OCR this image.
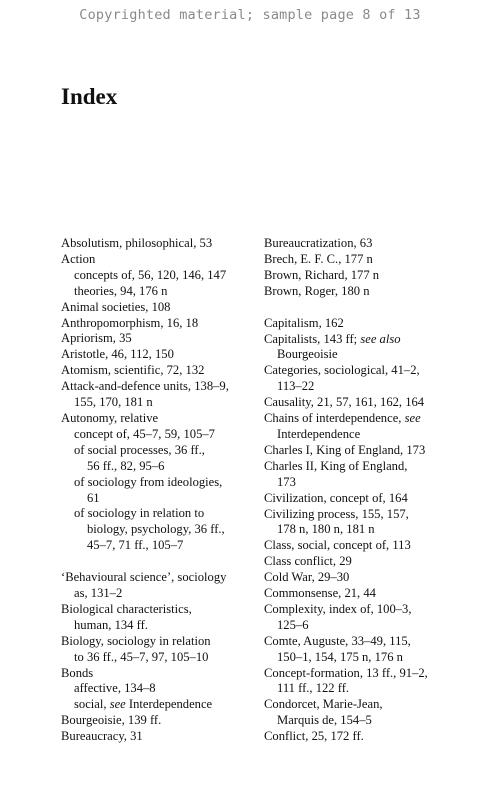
Copyrighted material; sample page 8 of 13
Index
Absolutism, philosophical, 53
Action
concepts of, 56, 120, 146, 147
theories, 94, 176 n
Animal societies, 108
Anthropomorphism, 16, 18
Apriorism, 35
Aristotle, 46, 112, 150
Atomism, scientific, 72, 132
Attack-and-defence units, 138–9,
155, 170, 181 n
Autonomy, relative
concept of, 45–7, 59, 105–7
of social processes, 36 ff.,
56 ff., 82, 95–6
of sociology from ideologies,
61
of sociology in relation to
biology, psychology, 36 ff.,
45–7, 71 ff., 105–7
‘Behavioural science’, sociology
as, 131–2
Biological characteristics,
human, 134 ff.
Biology, sociology in relation
to 36 ff., 45–7, 97, 105–10
Bonds
affective, 134–8
social, see Interdependence
Bourgeoisie, 139 ff.
Bureaucracy, 31
Bureaucratization, 63
Brech, E. F. C., 177 n
Brown, Richard, 177 n
Brown, Roger, 180 n
Capitalism, 162
Capitalists, 143 ff; see also
Bourgeoisie
Categories, sociological, 41–2,
113–22
Causality, 21, 57, 161, 162, 164
Chains of interdependence, see
Interdependence
Charles I, King of England, 173
Charles II, King of England,
173
Civilization, concept of, 164
Civilizing process, 155, 157,
178 n, 180 n, 181 n
Class, social, concept of, 113
Class conflict, 29
Cold War, 29–30
Commonsense, 21, 44
Complexity, index of, 100–3,
125–6
Comte, Auguste, 33–49, 115,
150–1, 154, 175 n, 176 n
Concept-formation, 13 ff., 91–2,
111 ff., 122 ff.
Condorcet, Marie-Jean,
Marquis de, 154–5
Conflict, 25, 172 ff.
